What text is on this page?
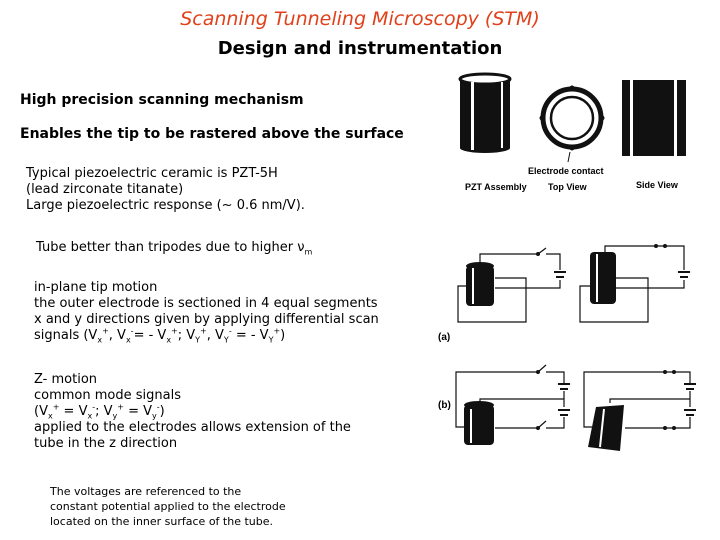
Scanning Tunneling Microscopy (STM)
Design and instrumentation
High precision scanning mechanism
Enables the tip to be rastered above the surface
Typical piezoelectric ceramic is PZT-5H
(lead zirconate titanate)
Large piezoelectric response (~ 0.6 nm/V).
Tube better than tripodes due to higher $\nu_m$
in-plane tip motion
the outer electrode is sectioned in 4 equal segments
x and y directions given by applying differential scan
signals ($V_x^+$, $V_x^-= - V_x^+$; $V_Y^+$, $V_Y^-$ = - $V_Y^+$)
Z- motion
common mode signals
($V_x^+ = V_x^-$; $V_y^+ = V_y^-$)
applied to the electrodes allows extension of the
tube in the z direction
The voltages are referenced to the
constant potential applied to the electrode
located on the inner surface of the tube.
Electrode contact
PZT Assembly Top View	Side View
(a)
(b)
